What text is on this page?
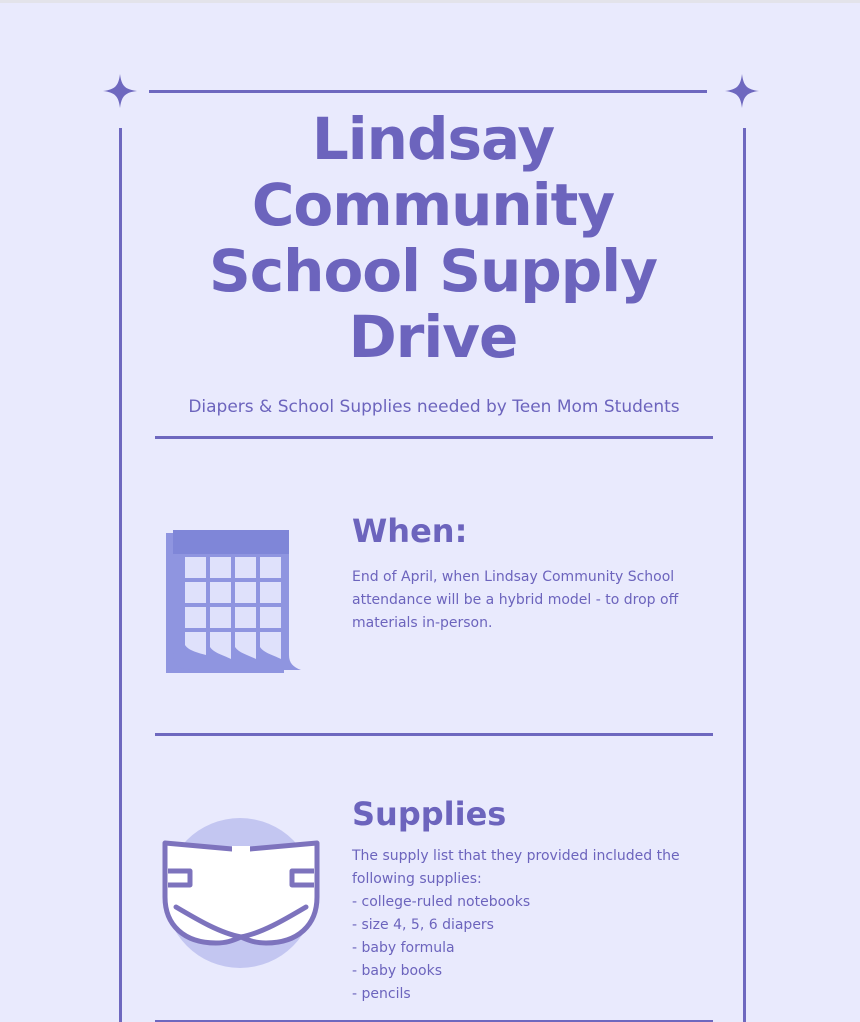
Lindsay Community School Supply Drive
Diapers & School Supplies needed by Teen Mom Students
When:

End of April, when Lindsay Community School attendance will be a hybrid model - to drop off materials in-person.

Supplies

The supply list that they provided included the following supplies:

- college-ruled notebooks
- size 4, 5, 6 diapers
- baby formula
- baby books
- pencils
